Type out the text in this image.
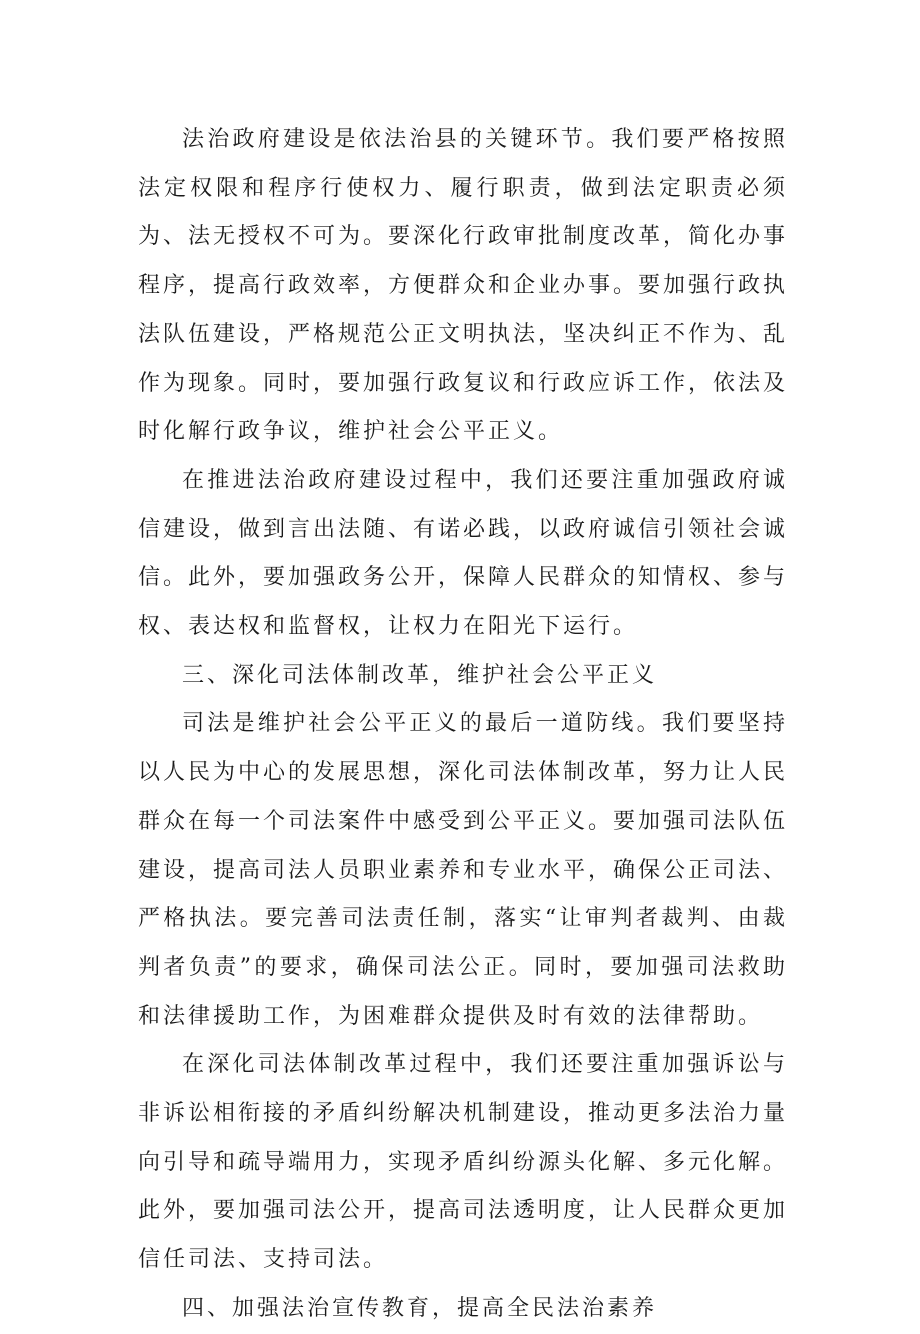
法治政府建设是依法治县的关键环节。我们要严格按照法定权限和程序行使权力、履行职责，做到法定职责必须为、法无授权不可为。要深化行政审批制度改革，简化办事程序，提高行政效率，方便群众和企业办事。要加强行政执法队伍建设，严格规范公正文明执法，坚决纠正不作为、乱作为现象。同时，要加强行政复议和行政应诉工作，依法及时化解行政争议，维护社会公平正义。

在推进法治政府建设过程中，我们还要注重加强政府诚信建设，做到言出法随、有诺必践，以政府诚信引领社会诚信。此外，要加强政务公开，保障人民群众的知情权、参与权、表达权和监督权，让权力在阳光下运行。

三、深化司法体制改革，维护社会公平正义

司法是维护社会公平正义的最后一道防线。我们要坚持以人民为中心的发展思想，深化司法体制改革，努力让人民群众在每一个司法案件中感受到公平正义。要加强司法队伍建设，提高司法人员职业素养和专业水平，确保公正司法、严格执法。要完善司法责任制，落实“让审判者裁判、由裁判者负责”的要求，确保司法公正。同时，要加强司法救助和法律援助工作，为困难群众提供及时有效的法律帮助。

在深化司法体制改革过程中，我们还要注重加强诉讼与非诉讼相衔接的矛盾纠纷解决机制建设，推动更多法治力量向引导和疏导端用力，实现矛盾纠纷源头化解、多元化解。此外，要加强司法公开，提高司法透明度，让人民群众更加信任司法、支持司法。

四、加强法治宣传教育，提高全民法治素养
